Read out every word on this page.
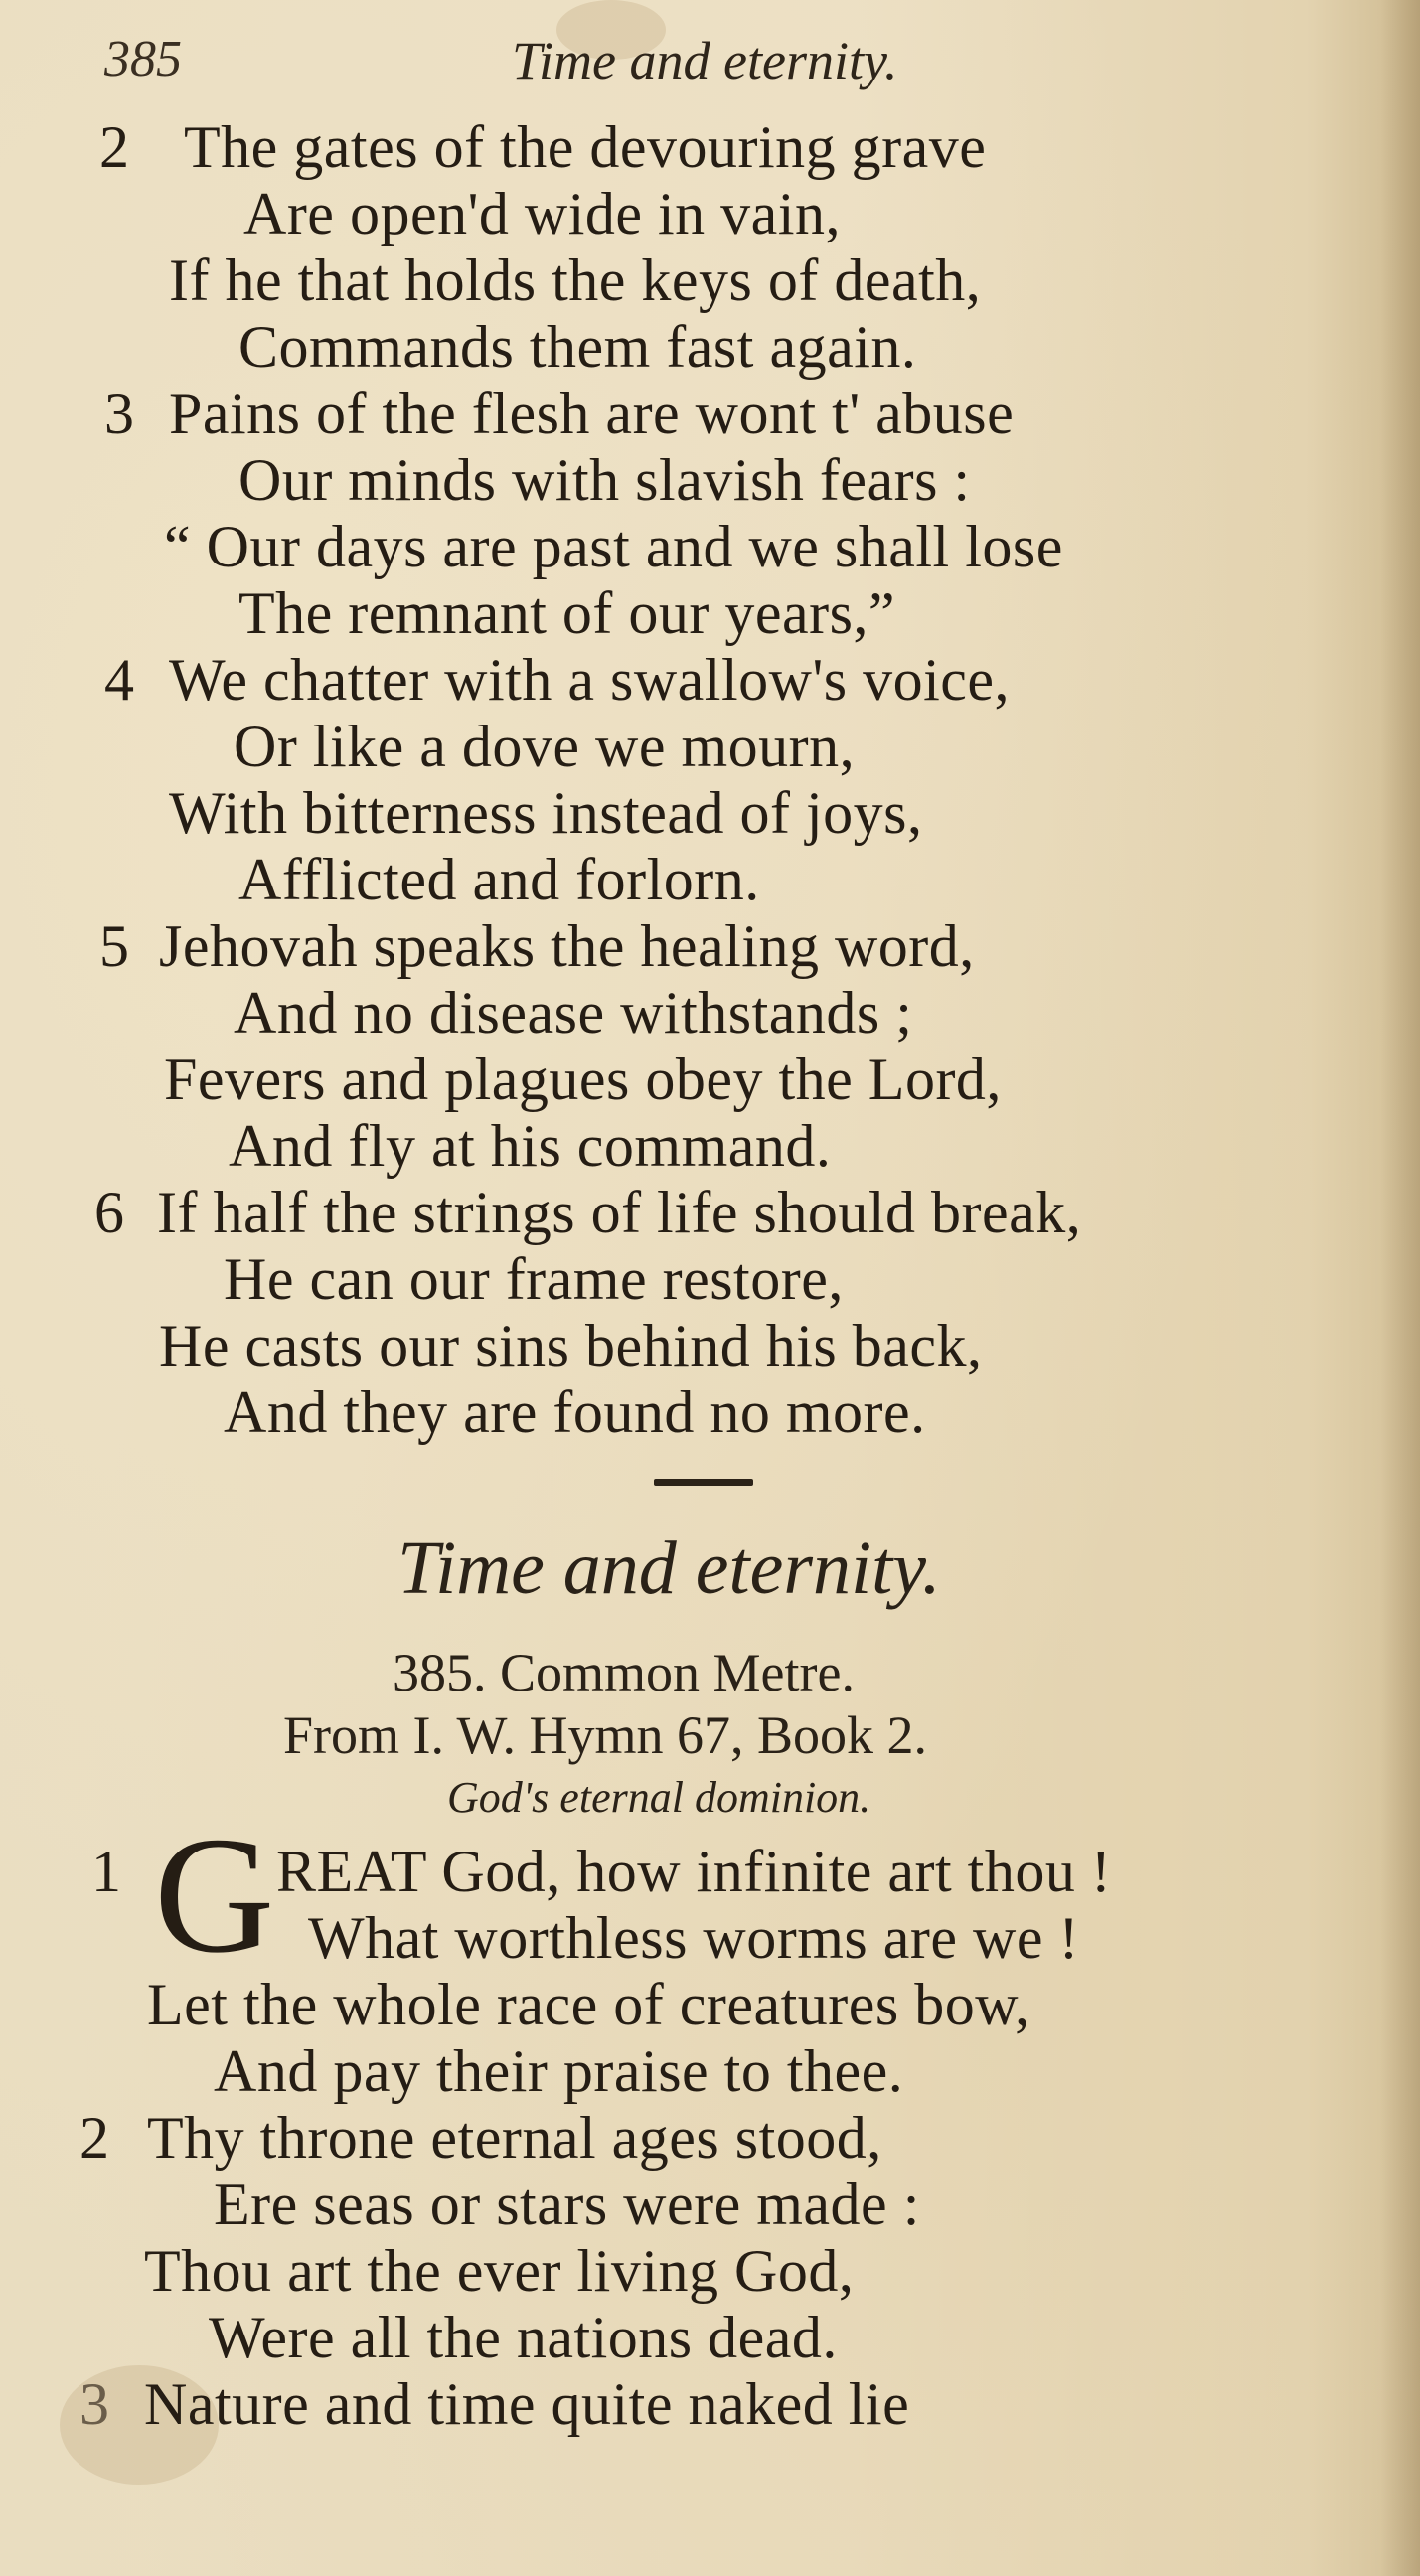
385	Time and eternity.
2 The gates of the devouring grave
Are open'd wide in vain,
If he that holds the keys of death,
Commands them fast again.
3 Pains of the flesh are wont t' abuse
Our minds with slavish fears :
“ Our days are past and we shall lose
The remnant of our years,”
4 We chatter with a swallow's voice,
Or like a dove we mourn,
With bitterness instead of joys,
Afflicted and forlorn.
5 Jehovah speaks the healing word,
And no disease withstands ;
Fevers and plagues obey the Lord,
And fly at his command.
6 If half the strings of life should break,
He can our frame restore,
He casts our sins behind his back,
And they are found no more.
Time and eternity.
385. Common Metre.
From I. W. Hymn 67, Book 2.
God's eternal dominion.
1 G REAT God, how infinite art thou !
What worthless worms are we !
Let the whole race of creatures bow,
And pay their praise to thee.
2 Thy throne eternal ages stood,
Ere seas or stars were made :
Thou art the ever living God,
Were all the nations dead.
3 Nature and time quite naked lie
